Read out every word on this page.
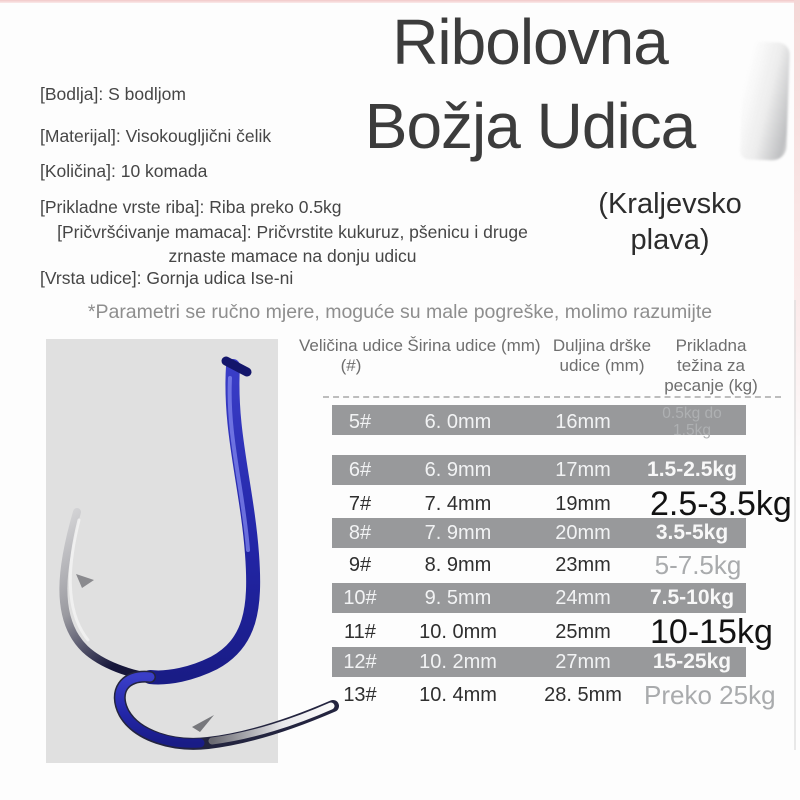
Ribolovna
Božja Udica
(Kraljevsko
plava)
[Bodlja]: S bodljom
[Materijal]: Visokougljični čelik
[Količina]: 10 komada
[Prikladne vrste riba]: Riba preko 0.5kg
[Pričvršćivanje mamaca]: Pričvrstite kukuruz, pšenicu i druge zrnaste mamace na donju udicu
[Vrsta udice]: Gornja udica Ise-ni
*Parametri se ručno mjere, moguće su male pogreške, molimo razumijte
Veličina udice (#)
Širina udice (mm) Duljina drške udice (mm)
Prikladna težina za pecanje (kg)
5#	6. 0mm	16mm	0.5kg do 1.5kg
6#	6. 9mm	17mm	1.5-2.5kg
7#	7. 4mm	19mm	2.5-3.5kg
8#	7. 9mm	20mm	3.5-5kg
9#	8. 9mm	23mm	5-7.5kg
10#	9. 5mm	24mm	7.5-10kg
11#	10. 0mm	25mm	10-15kg
12#	10. 2mm	27mm	15-25kg
13#	10. 4mm	28. 5mm Preko 25kg
